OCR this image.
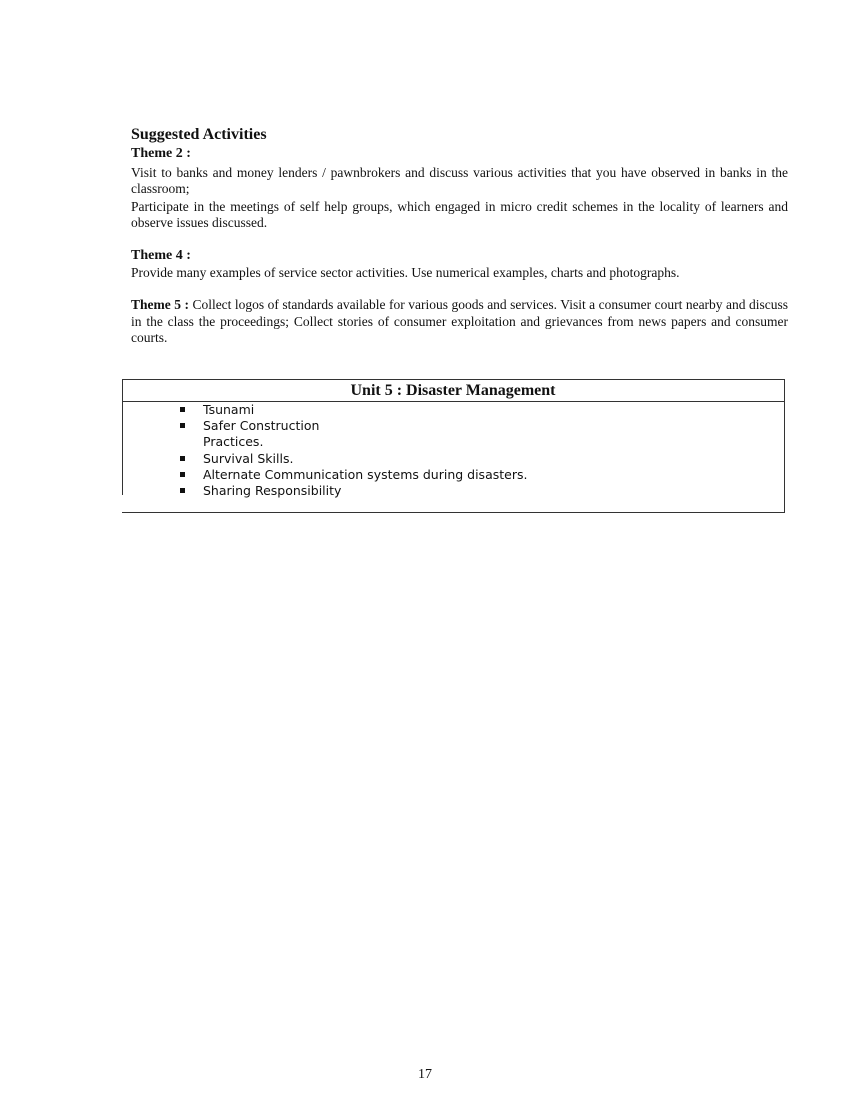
Suggested Activities

Theme 2 :

Visit to banks and money lenders / pawnbrokers and discuss various activities that you have observed in banks in the classroom;

Participate in the meetings of self help groups, which engaged in micro credit schemes in the locality of learners and observe issues discussed.

Theme 4 :

Provide many examples of service sector activities. Use numerical examples, charts and photographs.

Theme 5 : Collect logos of standards available for various goods and services. Visit a consumer court nearby and discuss in the class the proceedings; Collect stories of consumer exploitation and grievances from news papers and consumer courts.

Unit 5 : Disaster Management
Tsunami
Safer Construction Practices.
Survival Skills.
Alternate Communication systems during disasters.
Sharing Responsibility
17
